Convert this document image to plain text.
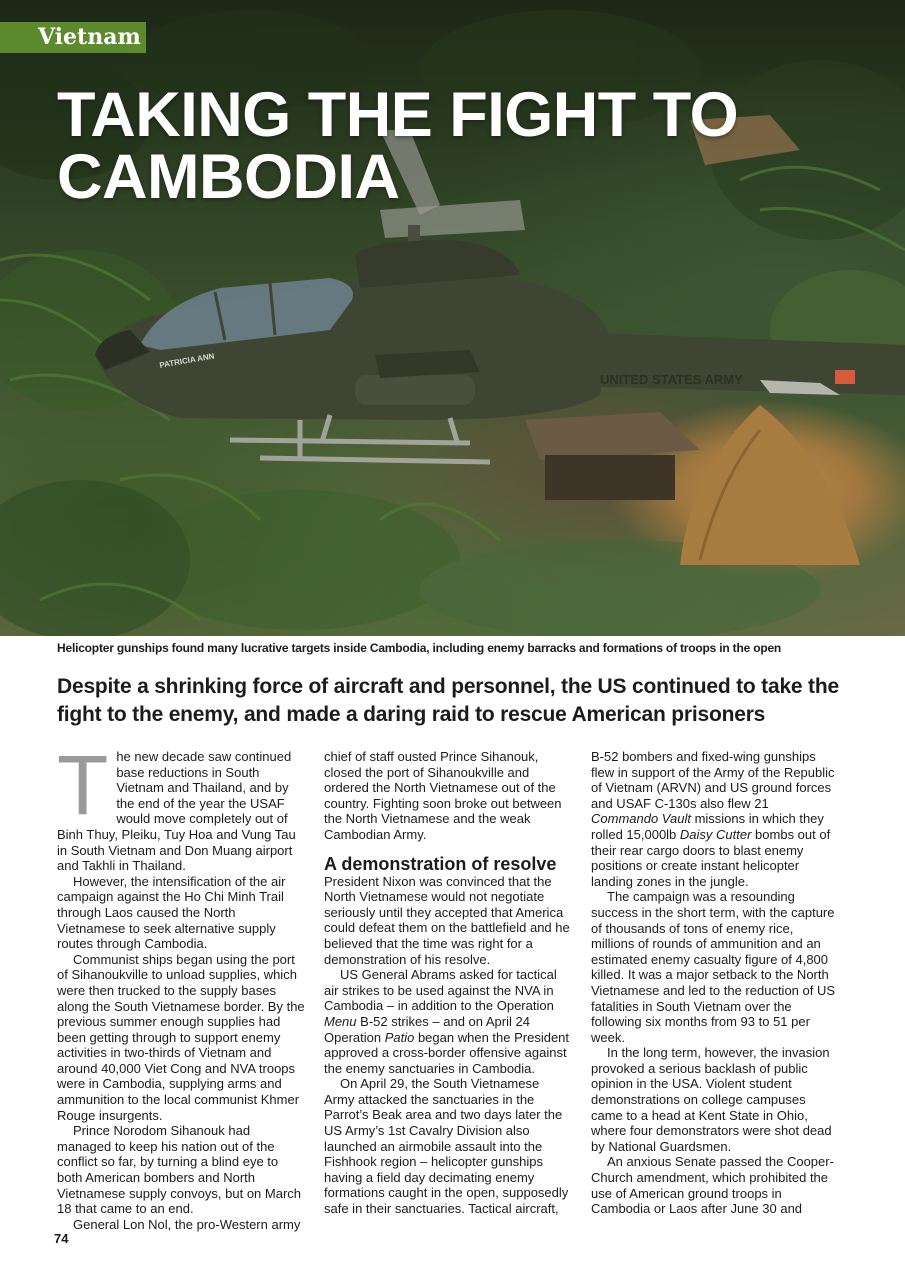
UNITED STATES ARMY
PATRICIA ANN
Vietnam
TAKING THE FIGHT TO
CAMBODIA
Helicopter gunships found many lucrative targets inside Cambodia, including enemy barracks and formations of troops in the open
Despite a shrinking force of aircraft and personnel, the US continued to take the fight to the enemy, and made a daring raid to rescue American prisoners

The new decade saw continued base reductions in South Vietnam and Thailand, and by the end of the year the USAF would move completely out of Binh Thuy, Pleiku, Tuy Hoa and Vung Tau in South Vietnam and Don Muang airport and Takhli in Thailand.

However, the intensification of the air campaign against the Ho Chi Minh Trail through Laos caused the North Vietnamese to seek alternative supply routes through Cambodia.

Communist ships began using the port of Sihanoukville to unload supplies, which were then trucked to the supply bases along the South Vietnamese border. By the previous summer enough supplies had been getting through to support enemy activities in two-thirds of Vietnam and around 40,000 Viet Cong and NVA troops were in Cambodia, supplying arms and ammunition to the local communist Khmer Rouge insurgents.

Prince Norodom Sihanouk had managed to keep his nation out of the conflict so far, by turning a blind eye to both American bombers and North Vietnamese supply convoys, but on March 18 that came to an end.

General Lon Nol, the pro-Western army

chief of staff ousted Prince Sihanouk, closed the port of Sihanoukville and ordered the North Vietnamese out of the country. Fighting soon broke out between the North Vietnamese and the weak Cambodian Army.

A demonstration of resolve

President Nixon was convinced that the North Vietnamese would not negotiate seriously until they accepted that America could defeat them on the battlefield and he believed that the time was right for a demonstration of his resolve.

US General Abrams asked for tactical air strikes to be used against the NVA in Cambodia – in addition to the Operation Menu B-52 strikes – and on April 24 Operation Patio began when the President approved a cross-border offensive against the enemy sanctuaries in Cambodia.

On April 29, the South Vietnamese Army attacked the sanctuaries in the Parrot’s Beak area and two days later the US Army’s 1st Cavalry Division also launched an airmobile assault into the Fishhook region – helicopter gunships having a field day decimating enemy formations caught in the open, supposedly safe in their sanctuaries. Tactical aircraft,

B-52 bombers and fixed-wing gunships flew in support of the Army of the Republic of Vietnam (ARVN) and US ground forces and USAF C-130s also flew 21 Commando Vault missions in which they rolled 15,000lb Daisy Cutter bombs out of their rear cargo doors to blast enemy positions or create instant helicopter landing zones in the jungle.

The campaign was a resounding success in the short term, with the capture of thousands of tons of enemy rice, millions of rounds of ammunition and an estimated enemy casualty figure of 4,800 killed. It was a major setback to the North Vietnamese and led to the reduction of US fatalities in South Vietnam over the following six months from 93 to 51 per week.

In the long term, however, the invasion provoked a serious backlash of public opinion in the USA. Violent student demonstrations on college campuses came to a head at Kent State in Ohio, where four demonstrators were shot dead by National Guardsmen.

An anxious Senate passed the Cooper-Church amendment, which prohibited the use of American ground troops in Cambodia or Laos after June 30 and

74
